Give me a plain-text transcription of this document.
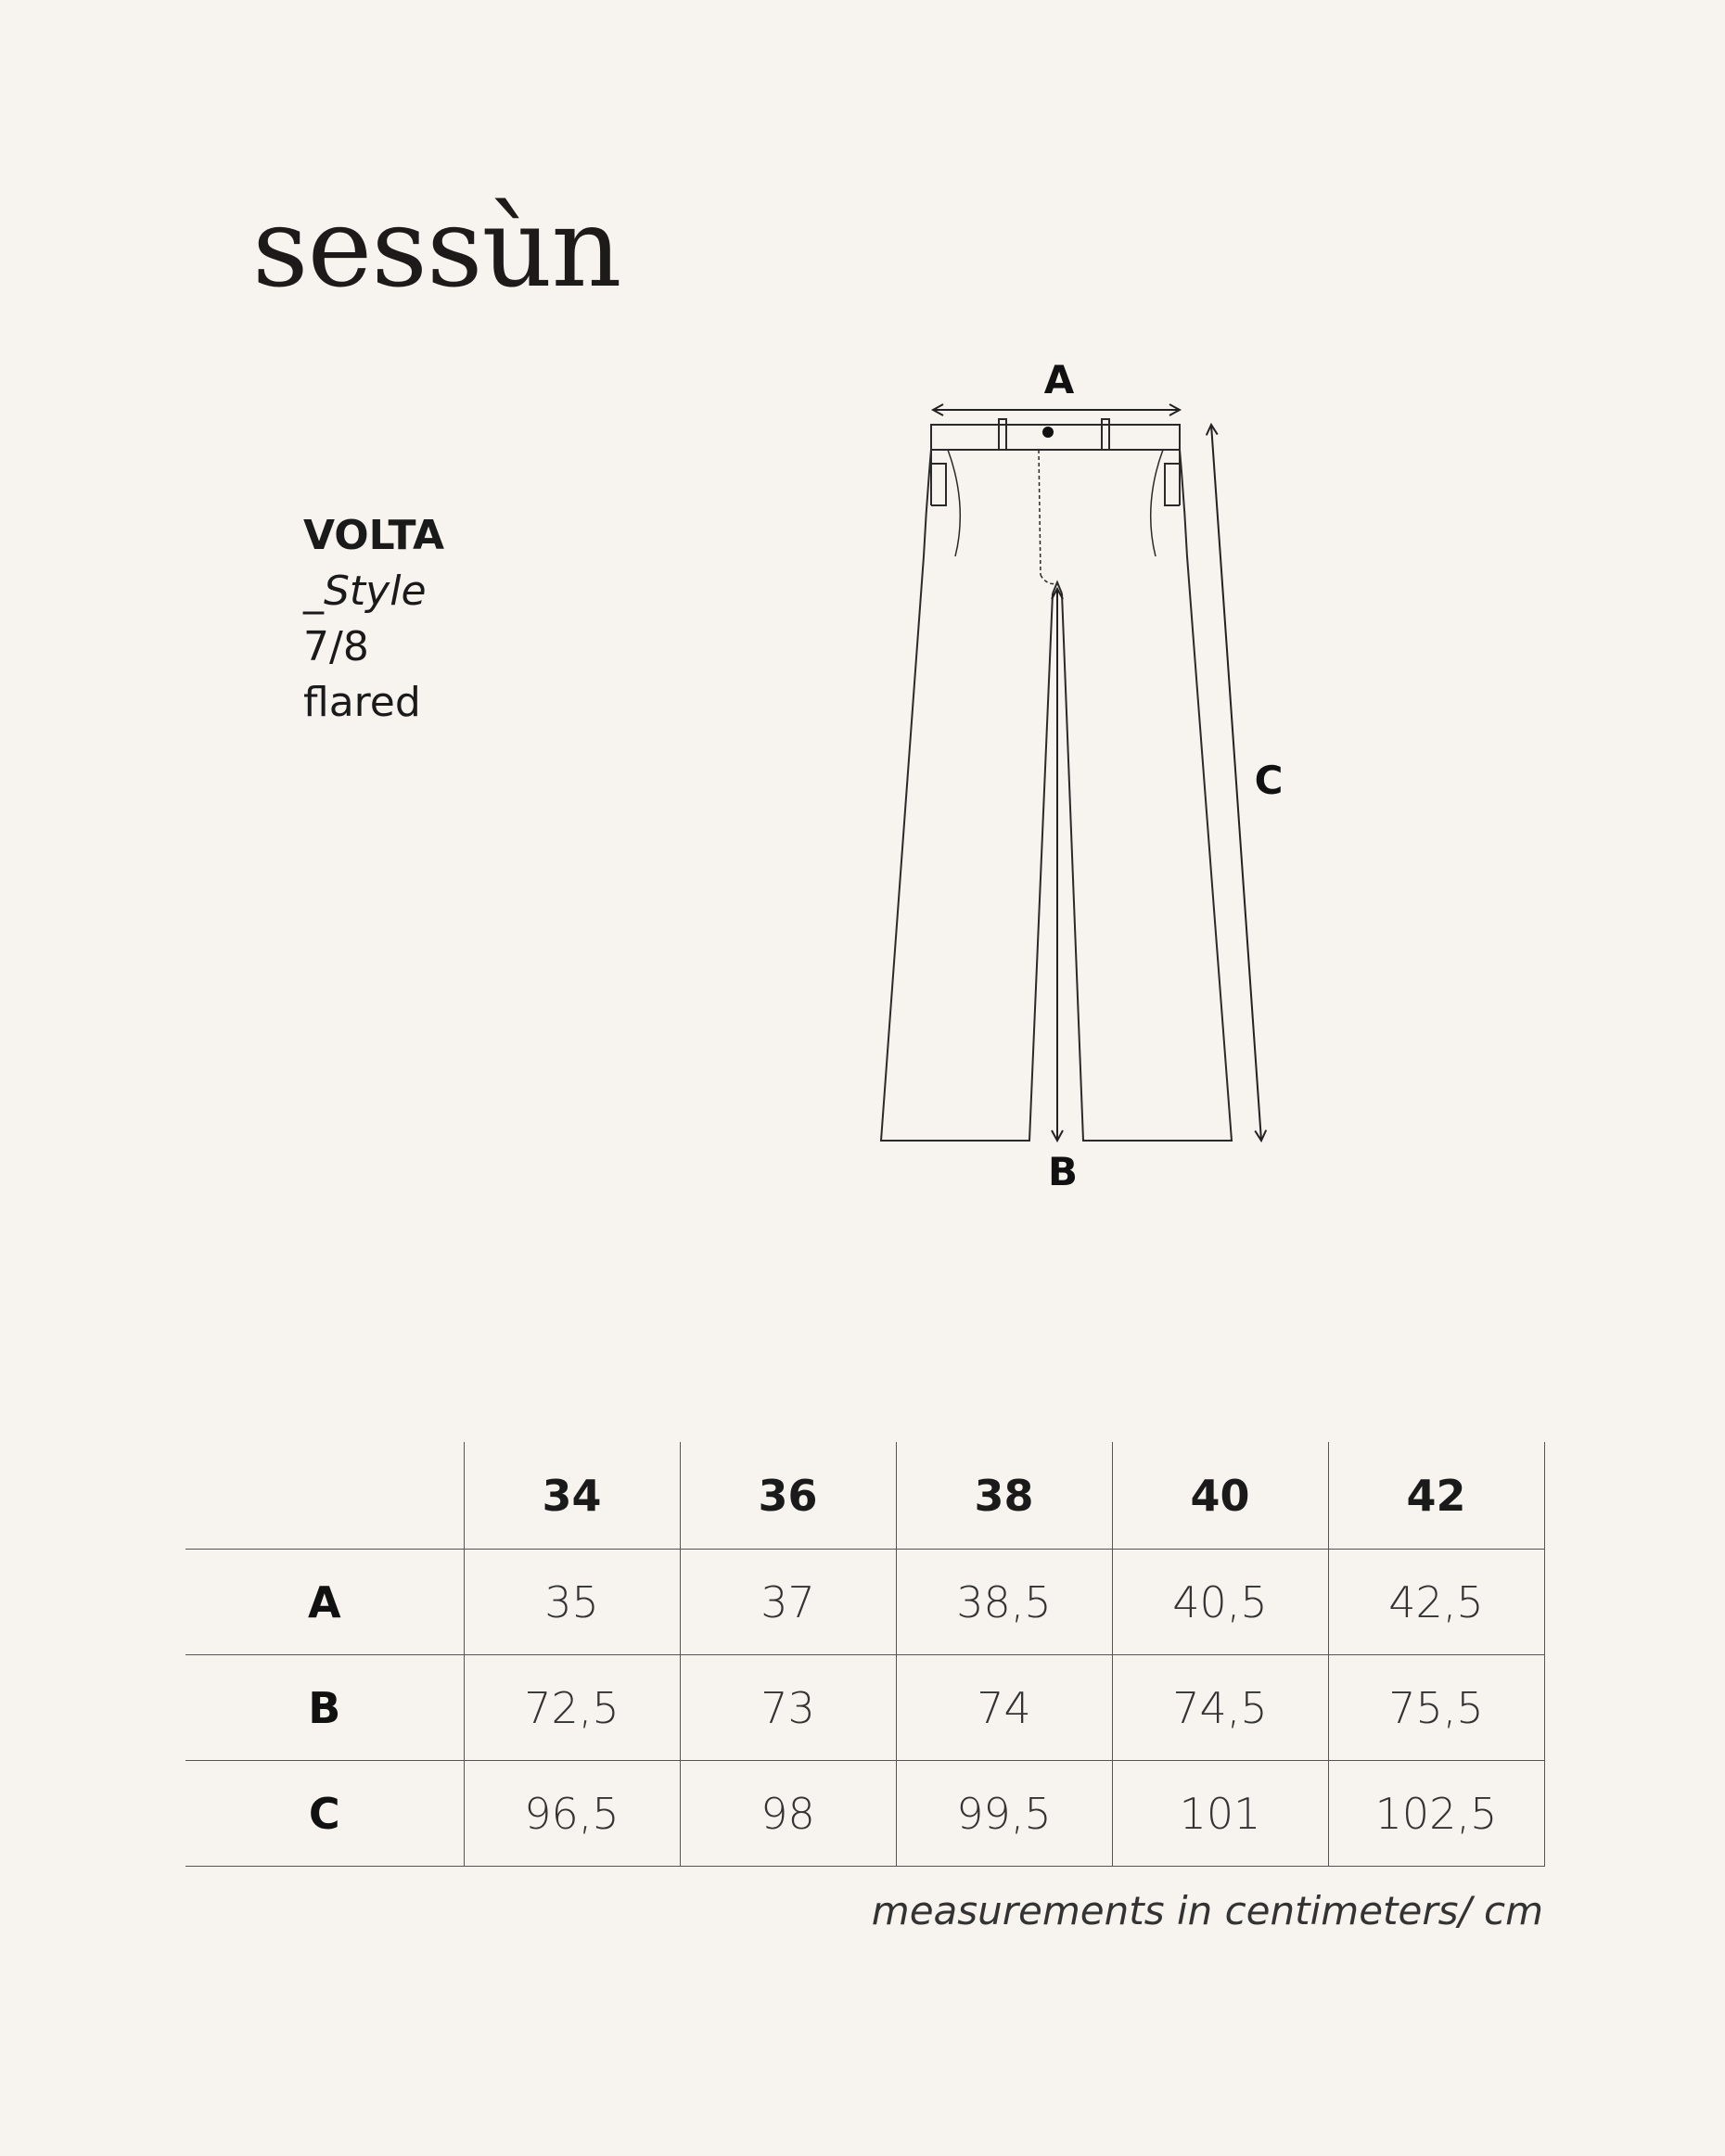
sessùn
VOLTA
_Style
7/8
flared
A
B
C
	34	36	38	40	42
A	35	37	38,5	40,5	42,5
B	72,5	73	74	74,5	75,5
C	96,5	98	99,5	101	102,5
measurements in centimeters/ cm
